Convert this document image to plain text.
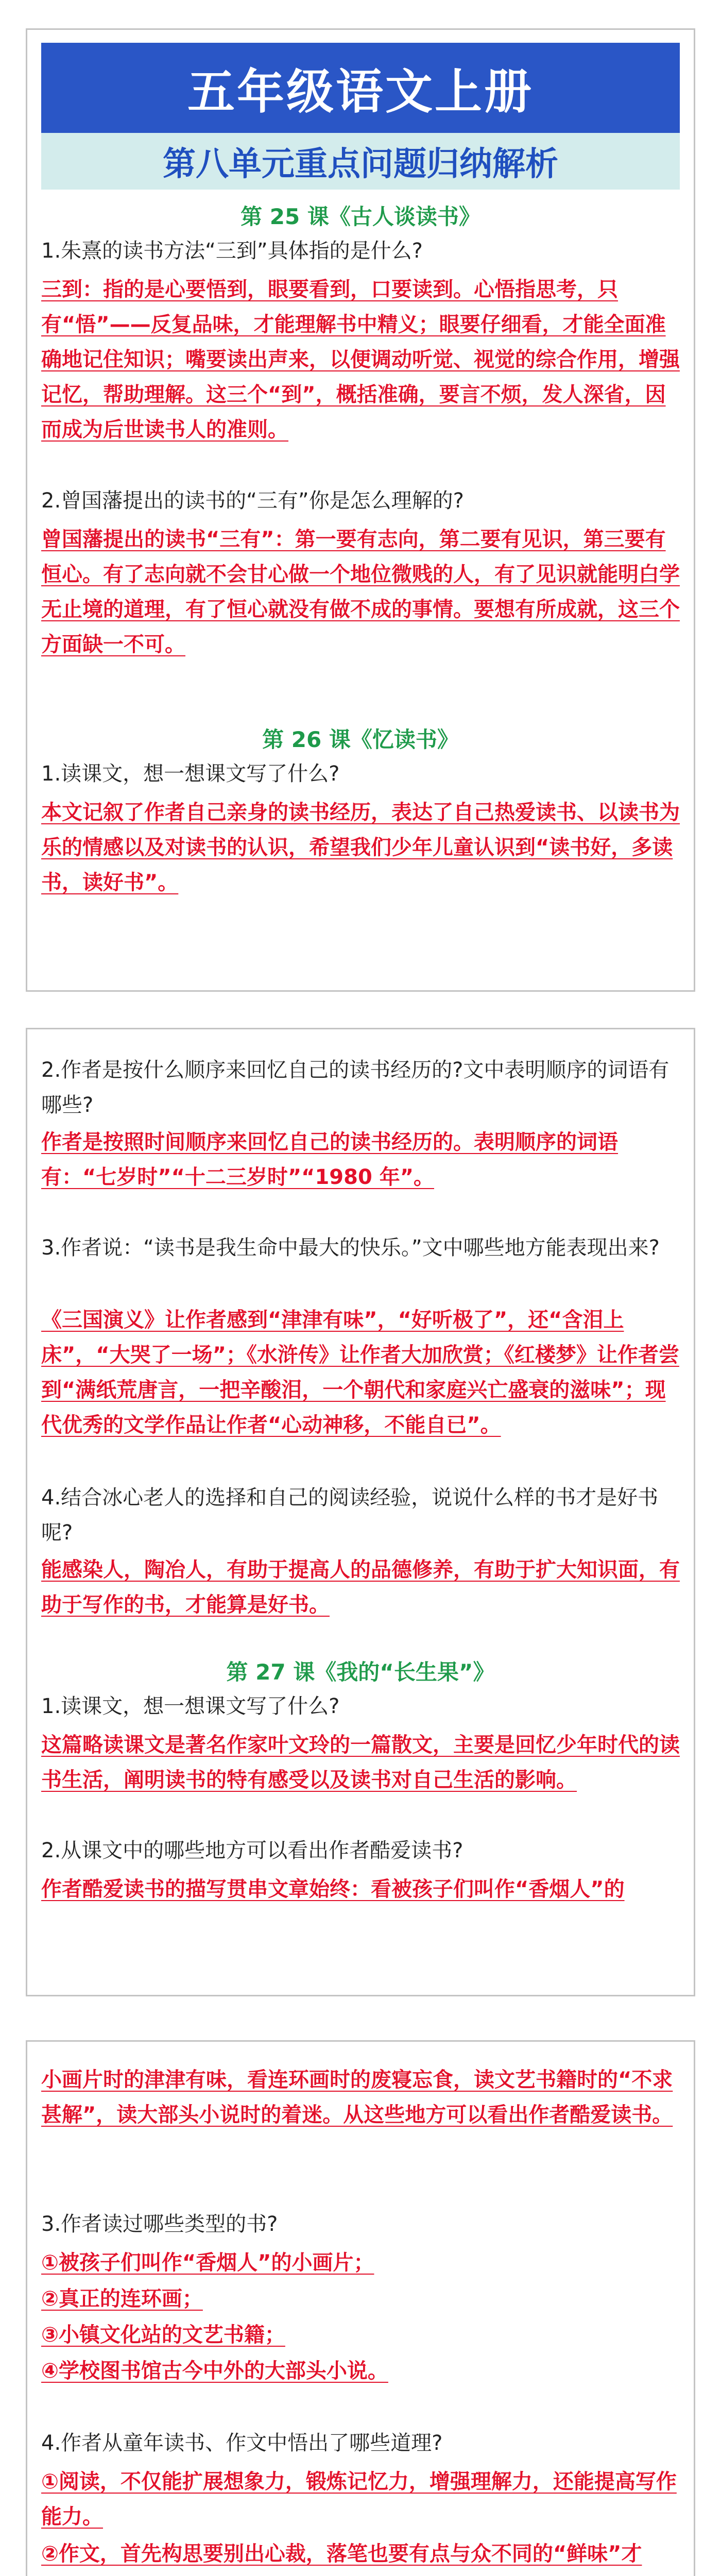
五年级语文上册
第八单元重点问题归纳解析
第 25 课《古人谈读书》
1.朱熹的读书方法“三到”具体指的是什么?
三到：指的是心要悟到，眼要看到，口要读到。心悟指思考，只有“悟”——反复品味，才能理解书中精义；眼要仔细看，才能全面准确地记住知识；嘴要读出声来，以便调动听觉、视觉的综合作用，增强记忆，帮助理解。这三个“到”，概括准确，要言不烦，发人深省，因而成为后世读书人的准则。
2.曾国藩提出的读书的“三有”你是怎么理解的?
曾国藩提出的读书“三有”：第一要有志向，第二要有见识，第三要有恒心。有了志向就不会甘心做一个地位微贱的人，有了见识就能明白学无止境的道理，有了恒心就没有做不成的事情。要想有所成就，这三个方面缺一不可。
第 26 课《忆读书》
1.读课文，想一想课文写了什么?
本文记叙了作者自己亲身的读书经历，表达了自己热爱读书、以读书为乐的情感以及对读书的认识，希望我们少年儿童认识到“读书好，多读书，读好书”。
2.作者是按什么顺序来回忆自己的读书经历的?文中表明顺序的词语有哪些?
作者是按照时间顺序来回忆自己的读书经历的。表明顺序的词语有：“七岁时”“十二三岁时”“1980 年”。
3.作者说：“读书是我生命中最大的快乐。”文中哪些地方能表现出来?
《三国演义》让作者感到“津津有味”，“好听极了”，还“含泪上床”，“大哭了一场”；《水浒传》让作者大加欣赏；《红楼梦》让作者尝到“满纸荒唐言，一把辛酸泪，一个朝代和家庭兴亡盛衰的滋味”；现代优秀的文学作品让作者“心动神移，不能自已”。
4.结合冰心老人的选择和自己的阅读经验，说说什么样的书才是好书呢?
能感染人，陶冶人，有助于提高人的品德修养，有助于扩大知识面，有助于写作的书，才能算是好书。
第 27 课《我的“长生果”》
1.读课文，想一想课文写了什么?
这篇略读课文是著名作家叶文玲的一篇散文，主要是回忆少年时代的读书生活，阐明读书的特有感受以及读书对自己生活的影响。
2.从课文中的哪些地方可以看出作者酷爱读书?
作者酷爱读书的描写贯串文章始终：看被孩子们叫作“香烟人”的
小画片时的津津有味，看连环画时的废寝忘食，读文艺书籍时的“不求甚解”，读大部头小说时的着迷。从这些地方可以看出作者酷爱读书。
3.作者读过哪些类型的书?
①被孩子们叫作“香烟人”的小画片；
②真正的连环画；
③小镇文化站的文艺书籍；
④学校图书馆古今中外的大部头小说。
4.作者从童年读书、作文中悟出了哪些道理?
①阅读，不仅能扩展想象力，锻炼记忆力，增强理解力，还能提高写作能力。
②作文，首先构思要别出心裁，落笔也要有点与众不同的“鲜味”才
